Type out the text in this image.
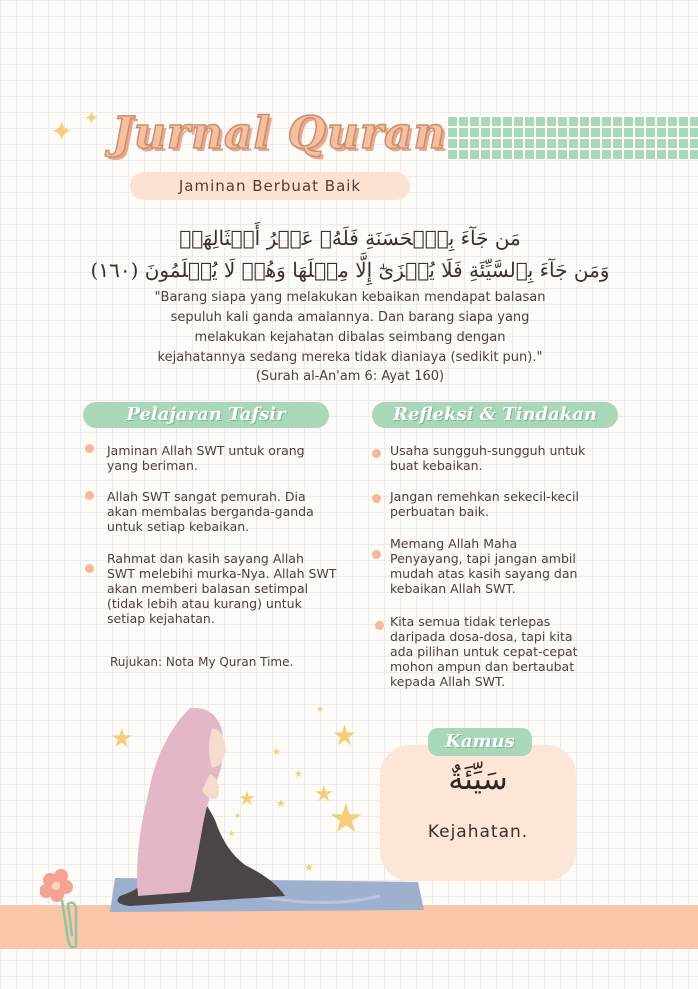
✦ ✦ Jurnal Quran
Jaminan Berbuat Baik
مَن جَآءَ بِٱلۡحَسَنَةِ فَلَهُۥ عَشۡرُ أَمۡثَالِهَاۖ
وَمَن جَآءَ بِٱلسَّيِّئَةِ فَلَا يُجۡزَىٰٓ إِلَّا مِثۡلَهَا وَهُمۡ لَا يُظۡلَمُونَ (١٦٠)
"Barang siapa yang melakukan kebaikan mendapat balasan
sepuluh kali ganda amalannya. Dan barang siapa yang
melakukan kejahatan dibalas seimbang dengan
kejahatannya sedang mereka tidak dianiaya (sedikit pun)."
(Surah al-An'am 6: Ayat 160)
Pelajaran Tafsir
Jaminan Allah SWT untuk orang
yang beriman.
Allah SWT sangat pemurah. Dia
akan membalas berganda-ganda
untuk setiap kebaikan.
Rahmat dan kasih sayang Allah
SWT melebihi murka-Nya. Allah SWT
akan memberi balasan setimpal
(tidak lebih atau kurang) untuk
setiap kejahatan.
Rujukan: Nota My Quran Time.
Refleksi & Tindakan
Usaha sungguh-sungguh untuk
buat kebaikan.
Jangan remehkan sekecil-kecil
perbuatan baik.
Memang Allah Maha
Penyayang, tapi jangan ambil
mudah atas kasih sayang dan
kebaikan Allah SWT.
Kita semua tidak terlepas
daripada dosa-dosa, tapi kita
ada pilihan untuk cepat-cepat
mohon ampun dan bertaubat
kepada Allah SWT.
★	★
★
★	★
★
★
★
★
★
★
★
Kamus
سَيِّئَةٌ
Kejahatan.
